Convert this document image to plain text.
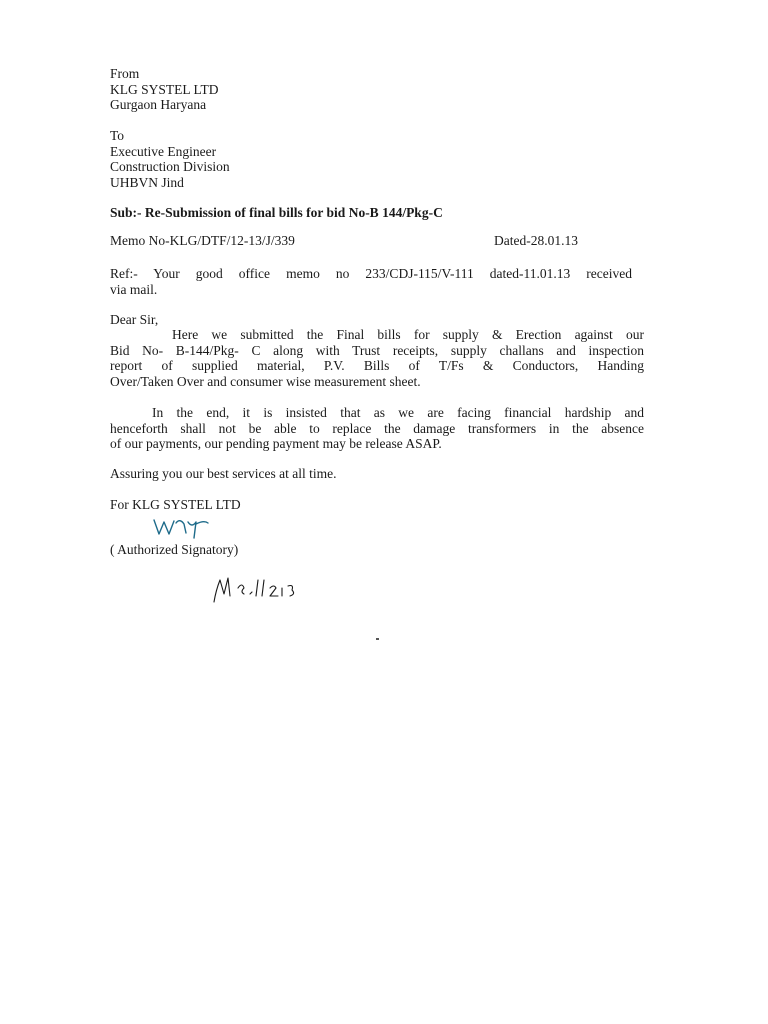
From
KLG SYSTEL LTD
Gurgaon Haryana
To
Executive Engineer
Construction Division
UHBVN Jind
Sub:- Re-Submission of final bills for bid No-B 144/Pkg-C
Memo No-KLG/DTF/12-13/J/339	Dated-28.01.13
Ref:- Your good office memo no 233/CDJ-115/V-111 dated-11.01.13 received
via mail.
Dear Sir,
Here we submitted the Final bills for supply & Erection against our
Bid No- B-144/Pkg- C along with Trust receipts, supply challans and inspection
report of supplied material, P.V. Bills of T/Fs & Conductors, Handing
Over/Taken Over and consumer wise measurement sheet.
In the end, it is insisted that as we are facing financial hardship and
henceforth shall not be able to replace the damage transformers in the absence
of our payments, our pending payment may be release ASAP.
Assuring you our best services at all time.
For KLG SYSTEL LTD
( Authorized Signatory)
